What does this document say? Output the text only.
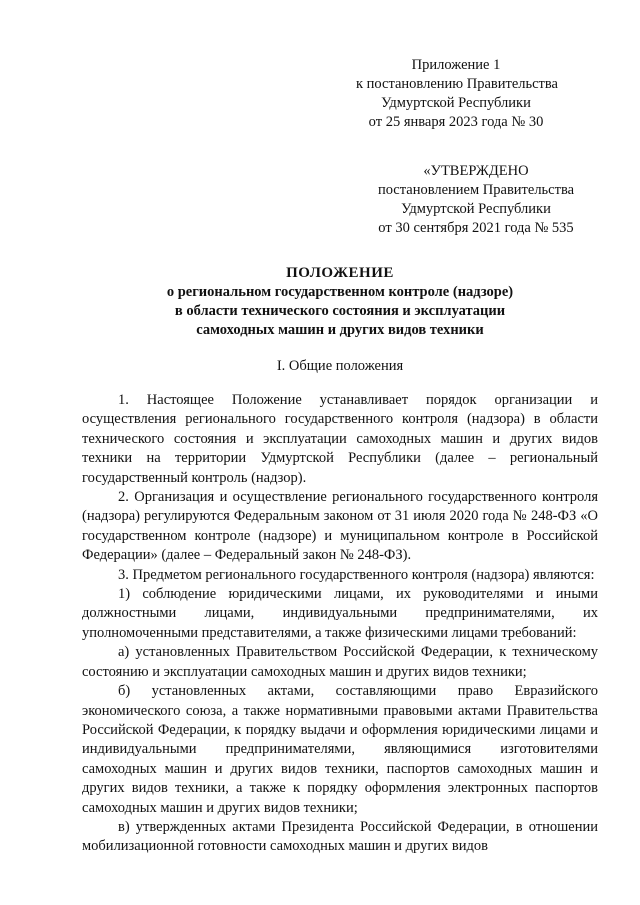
Приложение 1
к постановлению Правительства
Удмуртской Республики
от 25 января 2023 года № 30
«УТВЕРЖДЕНО
постановлением Правительства
Удмуртской Республики
от 30 сентября 2021 года № 535
ПОЛОЖЕНИЕ
о региональном государственном контроле (надзоре)
в области технического состояния и эксплуатации
самоходных машин и других видов техники
I. Общие положения

1. Настоящее Положение устанавливает порядок организации и осуществления регионального государственного контроля (надзора) в области технического состояния и эксплуатации самоходных машин и других видов техники на территории Удмуртской Республики (далее – региональный государственный контроль (надзор).

2. Организация и осуществление регионального государственного контроля (надзора) регулируются Федеральным законом от 31 июля 2020 года № 248-ФЗ «О государственном контроле (надзоре) и муниципальном контроле в Российской Федерации» (далее – Федеральный закон № 248-ФЗ).

3. Предметом регионального государственного контроля (надзора) являются:

1) соблюдение юридическими лицами, их руководителями и иными должностными лицами, индивидуальными предпринимателями, их уполномоченными представителями, а также физическими лицами требований:

а) установленных Правительством Российской Федерации, к техническому состоянию и эксплуатации самоходных машин и других видов техники;

б) установленных актами, составляющими право Евразийского экономического союза, а также нормативными правовыми актами Правительства Российской Федерации, к порядку выдачи и оформления юридическими лицами и индивидуальными предпринимателями, являющимися изготовителями самоходных машин и других видов техники, паспортов самоходных машин и других видов техники, а также к порядку оформления электронных паспортов самоходных машин и других видов техники;

в) утвержденных актами Президента Российской Федерации, в отношении мобилизационной готовности самоходных машин и других видов
